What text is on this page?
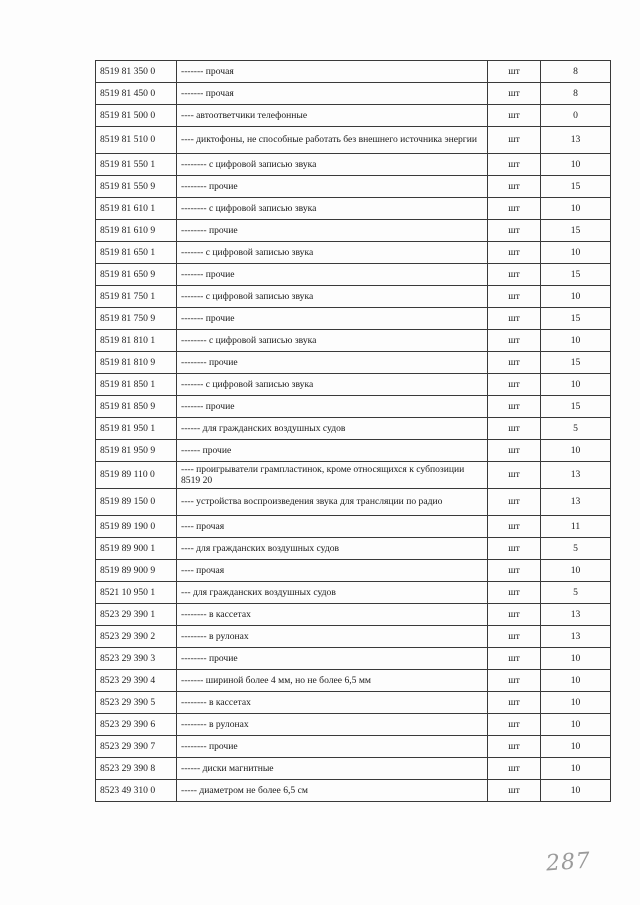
8519 81 350 0	------- прочая	шт	8
8519 81 450 0	------- прочая	шт	8
8519 81 500 0	---- автоответчики телефонные	шт	0
8519 81 510 0	---- диктофоны, не способные работать без внешнего источника энергии	шт	13
8519 81 550 1	-------- с цифровой записью звука	шт	10
8519 81 550 9	-------- прочие	шт	15
8519 81 610 1	-------- с цифровой записью звука	шт	10
8519 81 610 9	-------- прочие	шт	15
8519 81 650 1	------- с цифровой записью звука	шт	10
8519 81 650 9	------- прочие	шт	15
8519 81 750 1	------- с цифровой записью звука	шт	10
8519 81 750 9	------- прочие	шт	15
8519 81 810 1	-------- с цифровой записью звука	шт	10
8519 81 810 9	-------- прочие	шт	15
8519 81 850 1	------- с цифровой записью звука	шт	10
8519 81 850 9	------- прочие	шт	15
8519 81 950 1	------ для гражданских воздушных судов	шт	5
8519 81 950 9	------ прочие	шт	10
8519 89 110 0	---- проигрыватели грампластинок, кроме относящихся к субпозиции 8519 20	шт	13
8519 89 150 0	---- устройства воспроизведения звука для трансляции по радио	шт	13
8519 89 190 0	---- прочая	шт	11
8519 89 900 1	---- для гражданских воздушных судов	шт	5
8519 89 900 9	---- прочая	шт	10
8521 10 950 1	--- для гражданских воздушных судов	шт	5
8523 29 390 1	-------- в кассетах	шт	13
8523 29 390 2	-------- в рулонах	шт	13
8523 29 390 3	-------- прочие	шт	10
8523 29 390 4	------- шириной более 4 мм, но не более 6,5 мм	шт	10
8523 29 390 5	-------- в кассетах	шт	10
8523 29 390 6	-------- в рулонах	шт	10
8523 29 390 7	-------- прочие	шт	10
8523 29 390 8	------ диски магнитные	шт	10
8523 49 310 0	----- диаметром не более 6,5 см	шт	10
287
